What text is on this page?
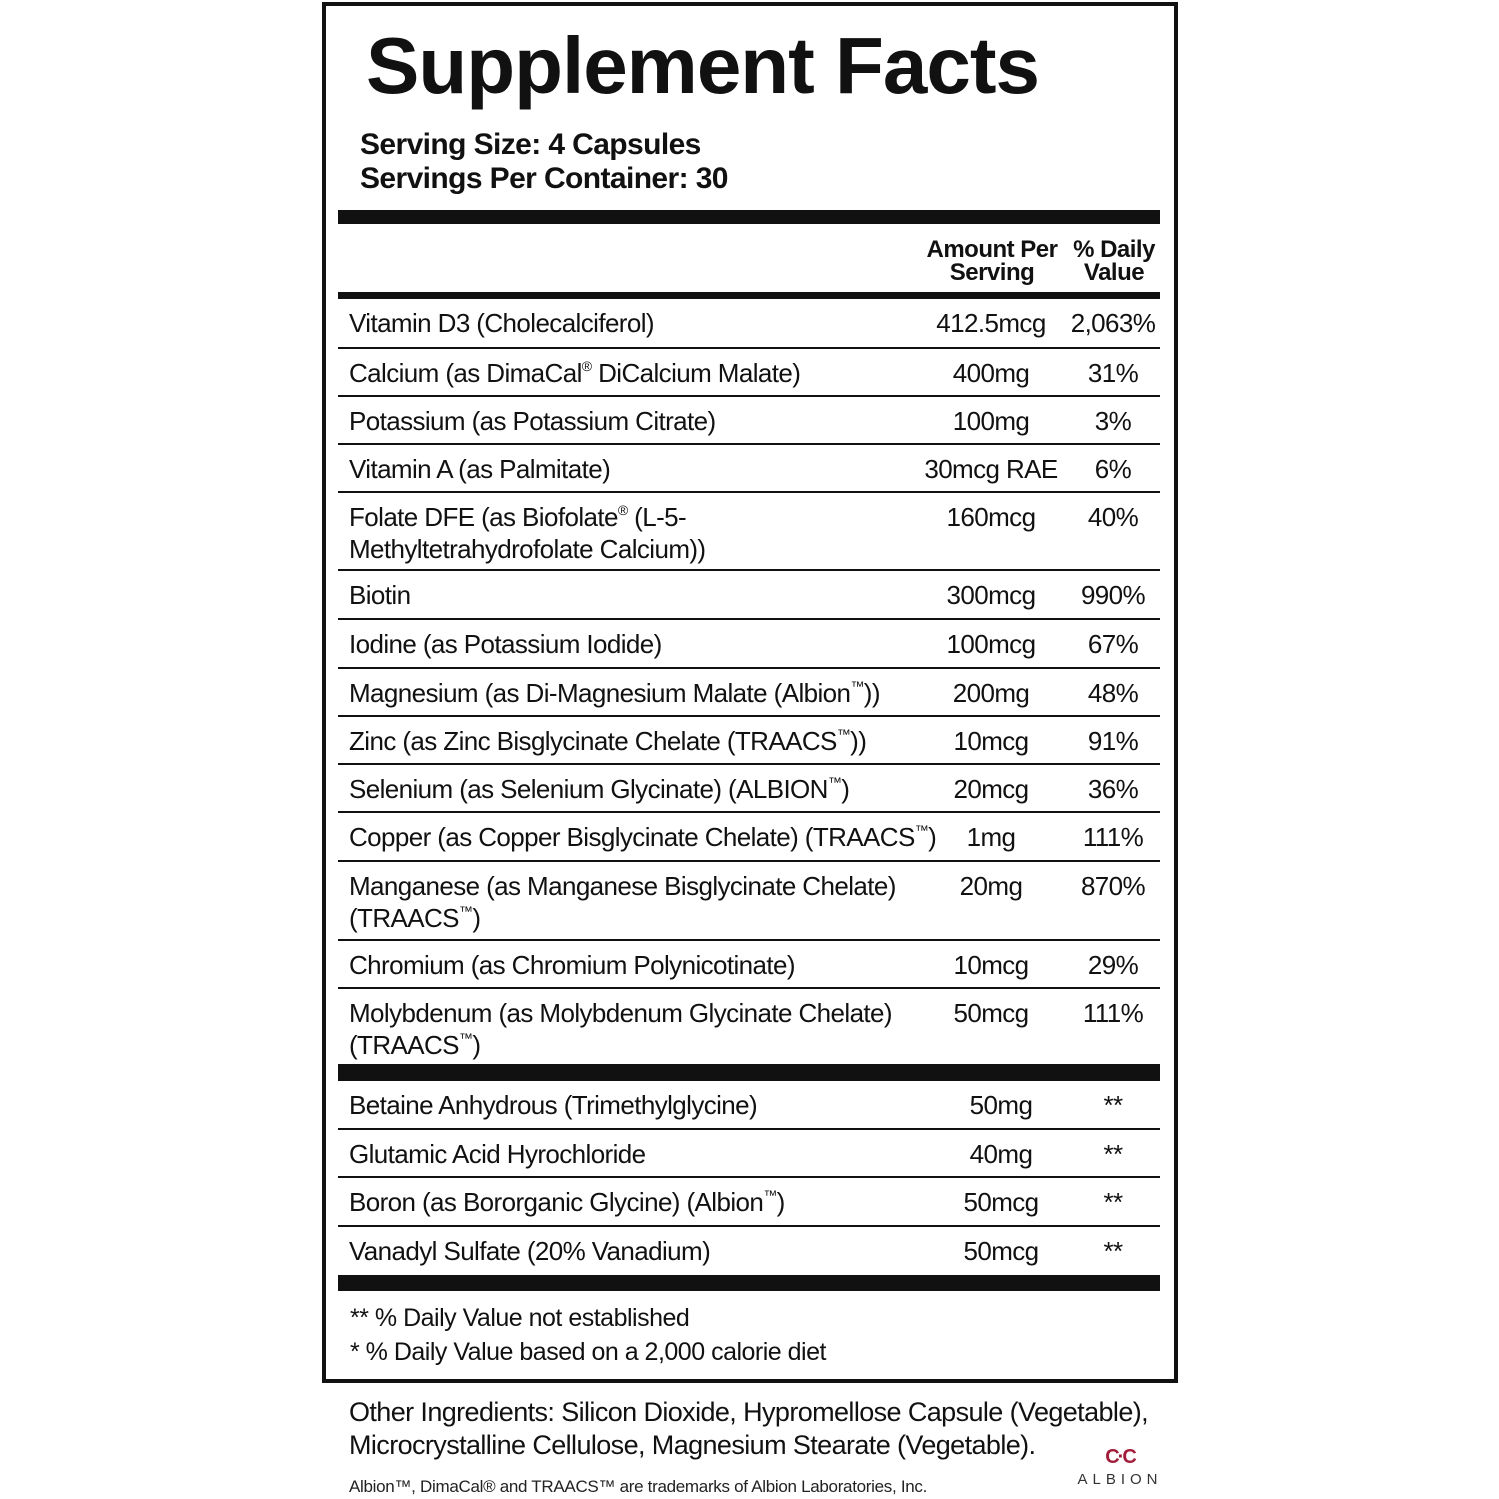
Supplement Facts
Serving Size: 4 Capsules
Servings Per Container: 30
Amount Per Serving
% Daily Value
Vitamin D3 (Cholecalciferol)	412.5mcg 2,063%
Calcium (as DimaCal® DiCalcium Malate)	400mg	31%
Potassium (as Potassium Citrate)	100mg	3%
Vitamin A (as Palmitate)	30mcg RAE	6%
Folate DFE (as Biofolate® (L-5-Methyltetrahydrofolate Calcium))
160mcg	40%
Biotin	300mcg	990%
Iodine (as Potassium Iodide)	100mcg	67%
Magnesium (as Di-Magnesium Malate (Albion™))	200mg	48%
Zinc (as Zinc Bisglycinate Chelate (TRAACS™))	10mcg	91%
Selenium (as Selenium Glycinate) (ALBION™)	20mcg	36%
Copper (as Copper Bisglycinate Chelate) (TRAACS™)	1mg	111%
Manganese (as Manganese Bisglycinate Chelate) (TRAACS™)
20mg	870%
Chromium (as Chromium Polynicotinate)	10mcg	29%
Molybdenum (as Molybdenum Glycinate Chelate) (TRAACS™)
50mcg	111%
Betaine Anhydrous (Trimethylglycine)	50mg	**
Glutamic Acid Hyrochloride	40mg	**
Boron (as Bororganic Glycine) (Albion™)	50mcg	**
Vanadyl Sulfate (20% Vanadium)	50mcg	**
** % Daily Value not established
* % Daily Value based on a 2,000 calorie diet
Other Ingredients: Silicon Dioxide, Hypromellose Capsule (Vegetable), Microcrystalline Cellulose, Magnesium Stearate (Vegetable).
Albion™, DimaCal® and TRAACS™ are trademarks of Albion Laboratories, Inc.
C·C
ALBION
